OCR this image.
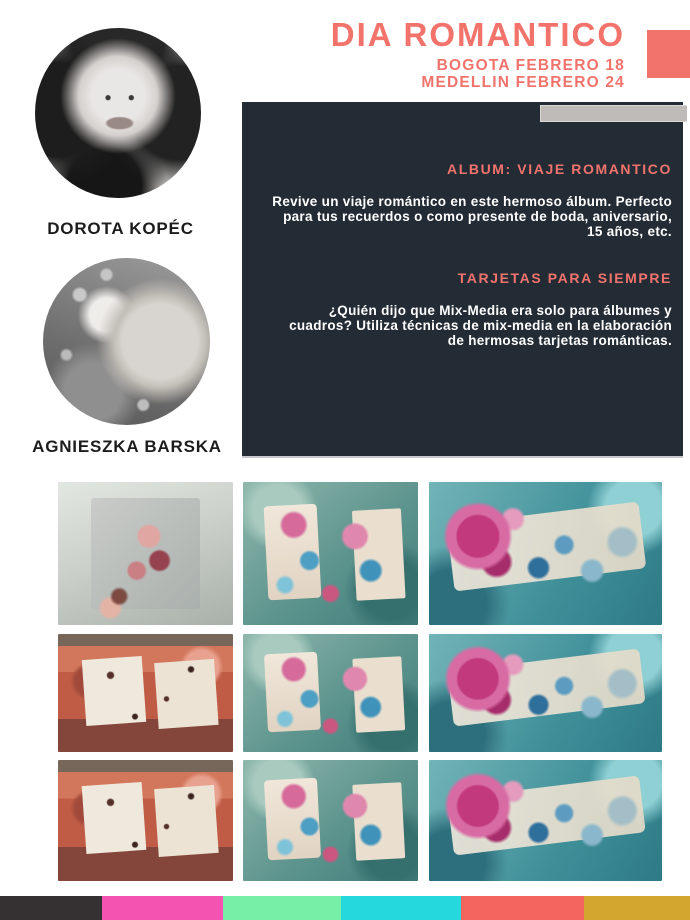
DIA ROMANTICO
BOGOTA FEBRERO 18
MEDELLIN FEBRERO 24
DOROTA KOPÉC
AGNIESZKA BARSKA
ALBUM: VIAJE ROMANTICO

Revive un viaje romántico en este hermoso álbum. Perfecto para tus recuerdos o como presente de boda, aniversario, 15 años, etc.

TARJETAS PARA SIEMPRE

¿Quién dijo que Mix-Media era solo para álbumes y cuadros? Utiliza técnicas de mix-media en la elaboración de hermosas tarjetas románticas.
